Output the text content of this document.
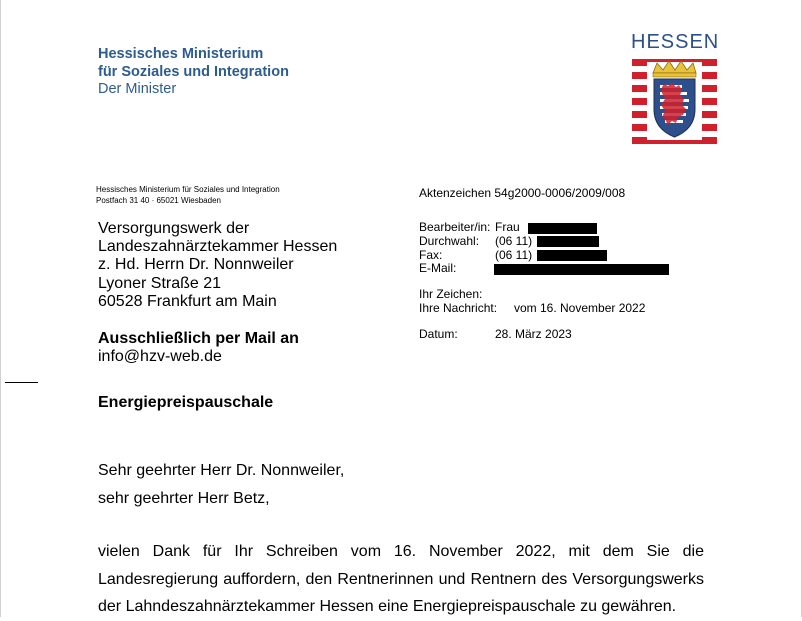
Hessisches Ministerium
für Soziales und Integration
Der Minister
HESSEN
Hessisches Ministerium für Soziales und Integration
Postfach 31 40 · 65021 Wiesbaden
Versorgungswerk der
Landeszahnärztekammer Hessen
z. Hd. Herrn Dr. Nonnweiler
Lyoner Straße 21
60528 Frankfurt am Main
Ausschließlich per Mail an
info@hzv-web.de
Energiepreispauschale
Sehr geehrter Herr Dr. Nonnweiler,
sehr geehrter Herr Betz,
vielen Dank für Ihr Schreiben vom 16. November 2022, mit dem Sie die Landesregierung auffordern, den Rentnerinnen und Rentnern des Versorgungswerks der Lahndeszahnärztekammer Hessen eine Energiepreispauschale zu gewähren.
Aktenzeichen 54g2000-0006/2009/008
Bearbeiter/in: Frau
Durchwahl: (06 11)
Fax:	(06 11)
E-Mail:
Ihr Zeichen:
Ihre Nachricht: vom 16. November 2022
Datum:	28. März 2023
